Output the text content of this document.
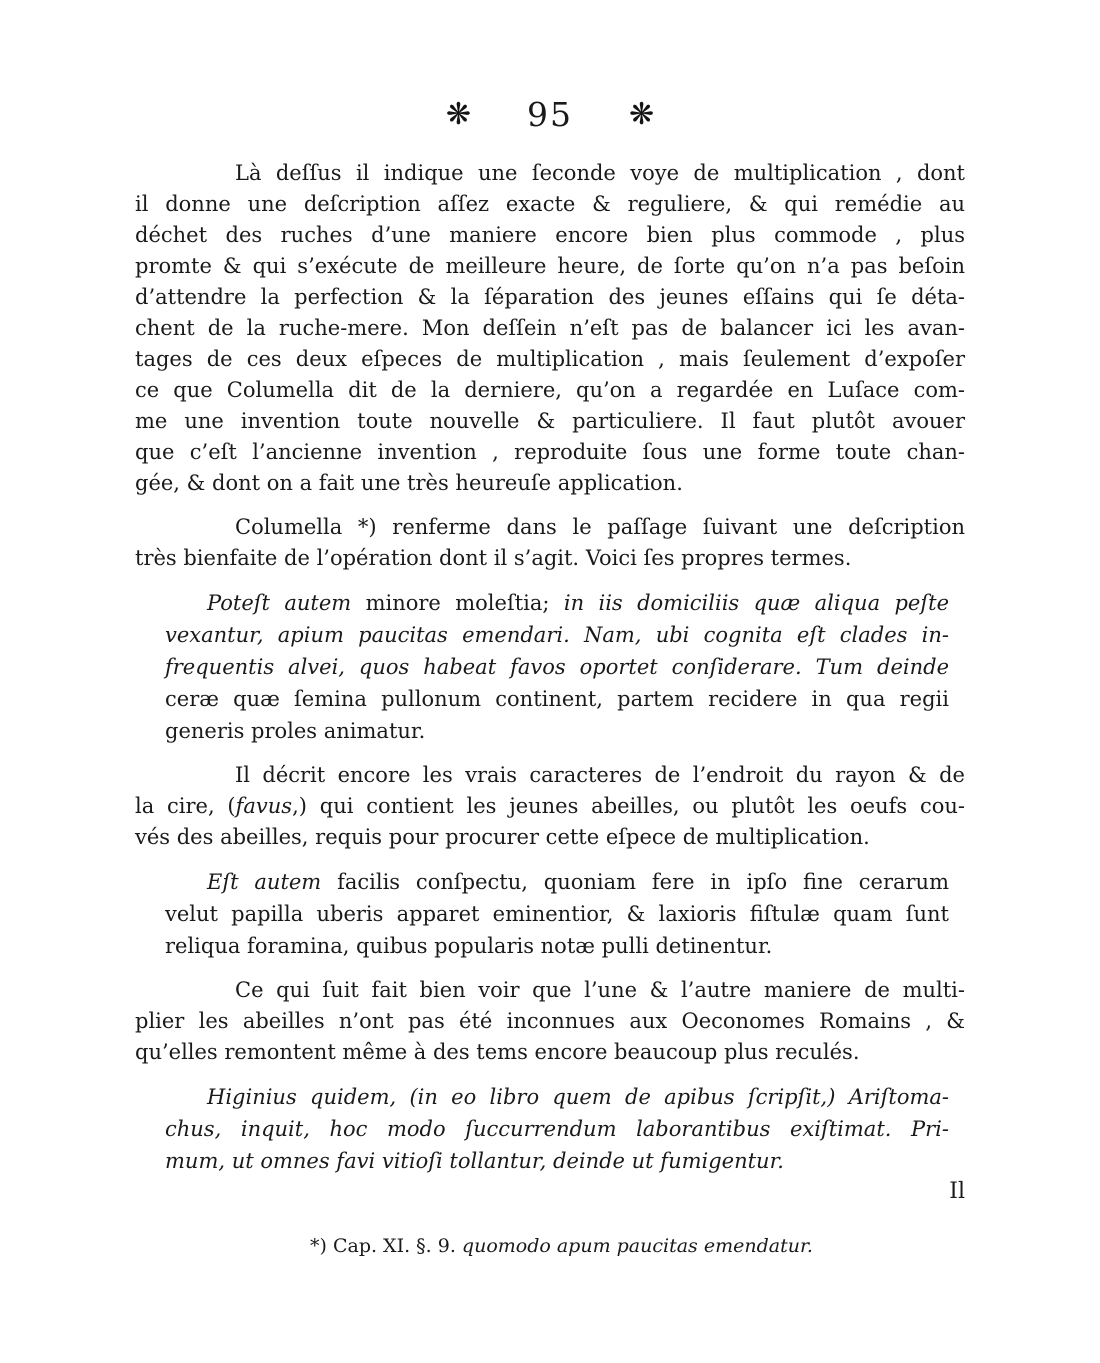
❋ 95 ❋

Là deſſus il indique une ſeconde voye de multiplication , dont
il donne une deſcription aſſez exacte & reguliere, & qui remédie au
déchet des ruches d’une maniere encore bien plus commode , plus
promte & qui s’exécute de meilleure heure, de ſorte qu’on n’a pas beſoin
d’attendre la perfection & la ſéparation des jeunes eſſains qui ſe déta-
chent de la ruche-mere. Mon deſſein n’eſt pas de balancer ici les avan-
tages de ces deux eſpeces de multiplication , mais ſeulement d’expoſer
ce que Columella dit de la derniere, qu’on a regardée en Luſace com-
me une invention toute nouvelle & particuliere. Il faut plutôt avouer
que c’eſt l’ancienne invention , reproduite ſous une forme toute chan-
gée, & dont on a fait une très heureuſe application.

Columella *) renferme dans le paſſage ſuivant une deſcription
très bienfaite de l’opération dont il s’agit. Voici ſes propres termes.

Poteſt autem minore moleſtia; in iis domiciliis quæ aliqua peſte
vexantur, apium paucitas emendari. Nam, ubi cognita eſt clades in-
frequentis alvei, quos habeat favos oportet conſiderare. Tum deinde
ceræ quæ ſemina pullonum continent, partem recidere in qua regii
generis proles animatur.

Il décrit encore les vrais caracteres de l’endroit du rayon & de
la cire, (favus,) qui contient les jeunes abeilles, ou plutôt les oeufs cou-
vés des abeilles, requis pour procurer cette eſpece de multiplication.

Eſt autem facilis conſpectu, quoniam fere in ipſo fine cerarum
velut papilla uberis apparet eminentior, & laxioris fiſtulæ quam ſunt
reliqua foramina, quibus popularis notæ pulli detinentur.

Ce qui ſuit fait bien voir que l’une & l’autre maniere de multi-
plier les abeilles n’ont pas été inconnues aux Oeconomes Romains , &
qu’elles remontent même à des tems encore beaucoup plus reculés.

Higinius quidem, (in eo libro quem de apibus ſcripſit,) Ariſtoma-
chus, inquit, hoc modo ſuccurrendum laborantibus exiſtimat. Pri-
mum, ut omnes favi vitioſi tollantur, deinde ut fumigentur.

Il

*) Cap. XI. §. 9. quomodo apum paucitas emendatur.
